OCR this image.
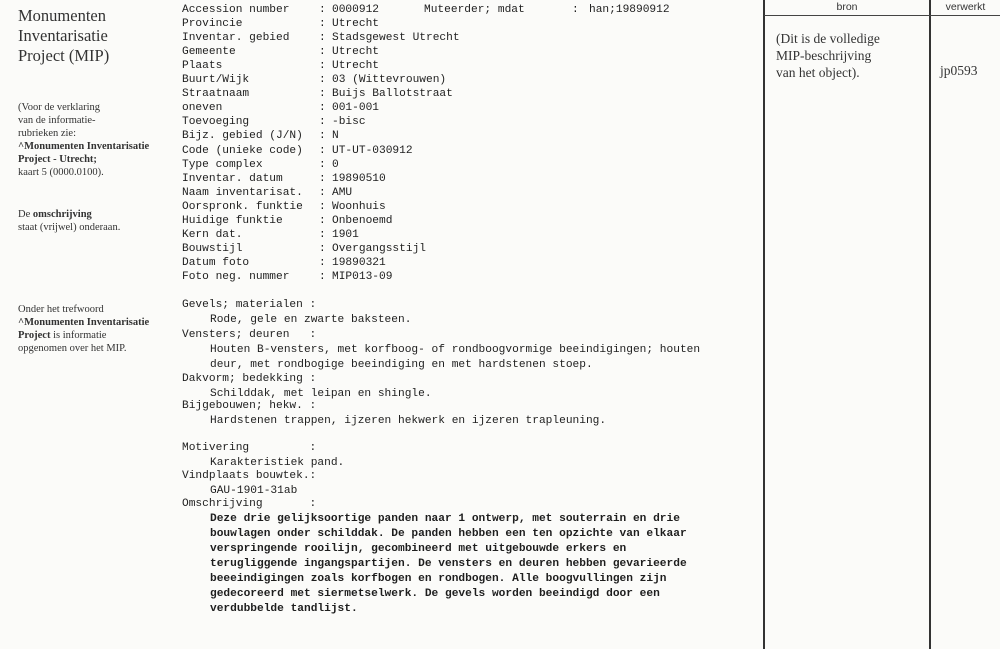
Monumenten
Inventarisatie
Project (MIP)
(Voor de verklaring
van de informatie-
rubrieken zie:
^Monumenten Inventarisatie
Project - Utrecht;
kaart 5 (0000.0100).
De omschrijving
staat (vrijwel) onderaan.
Onder het trefwoord
^Monumenten Inventarisatie
Project is informatie
opgenomen over het MIP.
Accession number	: 0000912	Muteerder; mdat	: han;19890912
Provincie	: Utrecht
Inventar. gebied	: Stadsgewest Utrecht
Gemeente	: Utrecht
Plaats	: Utrecht
Buurt/Wijk	: 03 (Wittevrouwen)
Straatnaam	: Buijs Ballotstraat
oneven	: 001-001
Toevoeging	: -bisc
Bijz. gebied (J/N)	: N
Code (unieke code)	: UT-UT-030912
Type complex	: 0
Inventar. datum	: 19890510
Naam inventarisat.	: AMU
Oorspronk. funktie	: Woonhuis
Huidige funktie	: Onbenoemd
Kern dat.	: 1901
Bouwstijl	: Overgangsstijl
Datum foto	: 19890321
Foto neg. nummer	: MIP013-09
Gevels; materialen :
Rode, gele en zwarte baksteen.
Vensters; deuren   :
Houten B-vensters, met korfboog- of rondboogvormige beeindigingen; houten
deur, met rondbogige beeindiging en met hardstenen stoep.
Dakvorm; bedekking :
Schilddak, met leipan en shingle.
Bijgebouwen; hekw. :
Hardstenen trappen, ijzeren hekwerk en ijzeren trapleuning.
Motivering         :
Karakteristiek pand.
Vindplaats bouwtek.:
GAU-1901-31ab
Omschrijving       :
Deze drie gelijksoortige panden naar 1 ontwerp, met souterrain en drie
bouwlagen onder schilddak. De panden hebben een ten opzichte van elkaar
verspringende rooilijn, gecombineerd met uitgebouwde erkers en
terugliggende ingangspartijen. De vensters en deuren hebben gevarieerde
beeeindigingen zoals korfbogen en rondbogen. Alle boogvullingen zijn
gedecoreerd met siermetselwerk. De gevels worden beeindigd door een
verdubbelde tandlijst.
bron	verwerkt
(Dit is de volledige
MIP-beschrijving
van het object).	jp0593
